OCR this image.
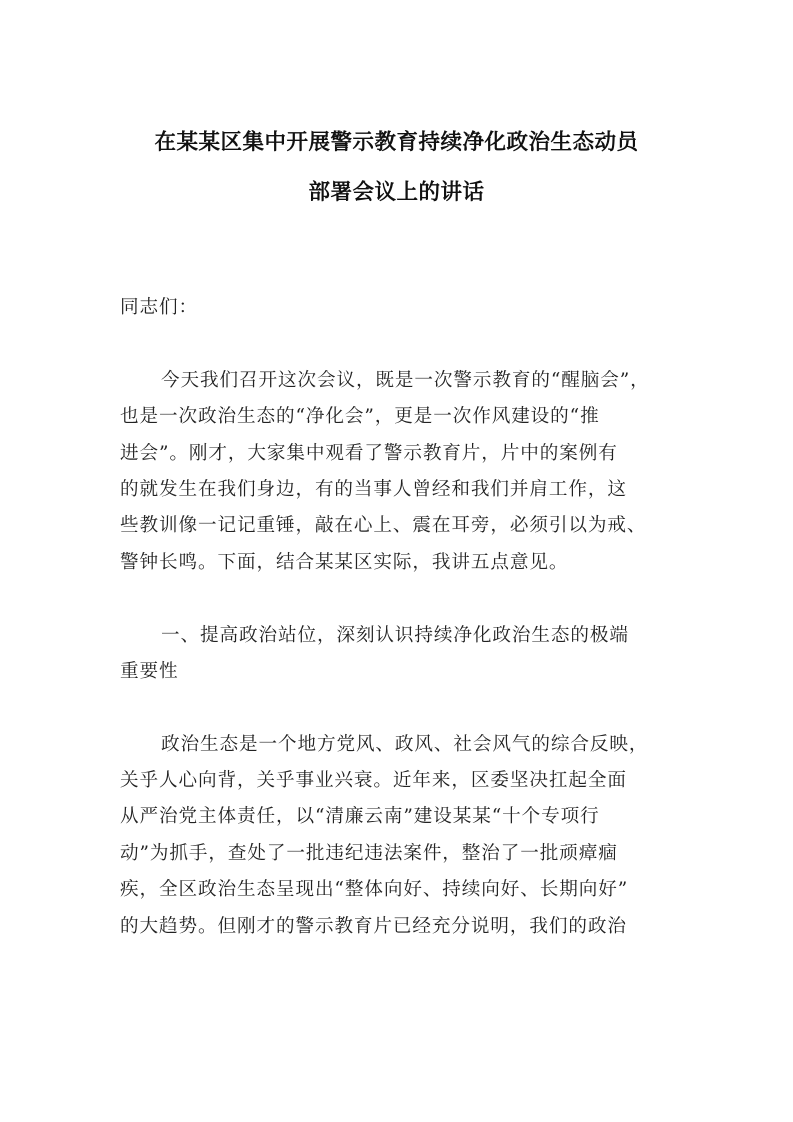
在某某区集中开展警示教育持续净化政治生态动员
部署会议上的讲话
同志们：
今天我们召开这次会议，既是一次警示教育的“醒脑会”，
也是一次政治生态的“净化会”，更是一次作风建设的“推
进会”。刚才，大家集中观看了警示教育片，片中的案例有
的就发生在我们身边，有的当事人曾经和我们并肩工作，这
些教训像一记记重锤，敲在心上、震在耳旁，必须引以为戒、
警钟长鸣。下面，结合某某区实际，我讲五点意见。
一、提高政治站位，深刻认识持续净化政治生态的极端
重要性
政治生态是一个地方党风、政风、社会风气的综合反映，
关乎人心向背，关乎事业兴衰。近年来，区委坚决扛起全面
从严治党主体责任，以“清廉云南”建设某某“十个专项行
动”为抓手，查处了一批违纪违法案件，整治了一批顽瘴痼
疾，全区政治生态呈现出“整体向好、持续向好、长期向好”
的大趋势。但刚才的警示教育片已经充分说明，我们的政治
